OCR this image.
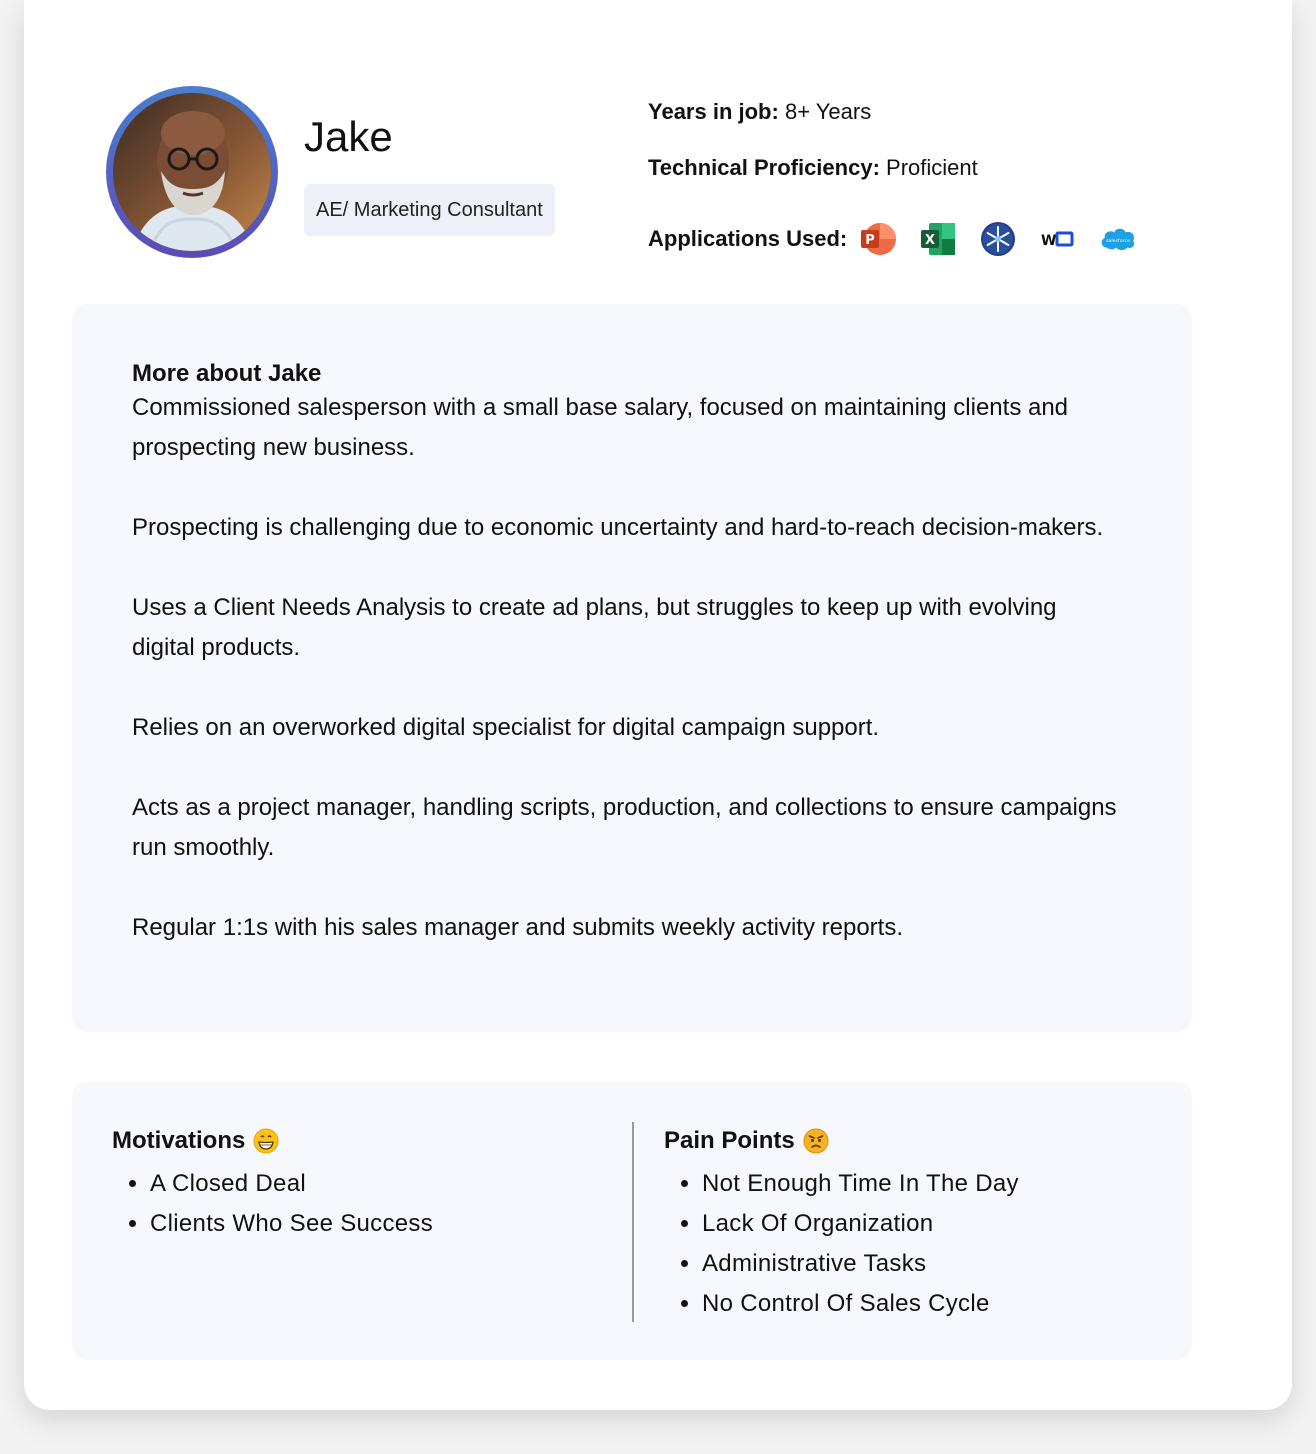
Jake
AE/ Marketing Consultant
Years in job: 8+ Years
Technical Proficiency: Proficient
Applications Used: P	X	W	salesforce
More about Jake

Commissioned salesperson with a small base salary, focused on maintaining clients and prospecting new business.

Prospecting is challenging due to economic uncertainty and hard-to-reach decision-makers.

Uses a Client Needs Analysis to create ad plans, but struggles to keep up with evolving digital products.

Relies on an overworked digital specialist for digital campaign support.

Acts as a project manager, handling scripts, production, and collections to ensure campaigns run smoothly.

Regular 1:1s with his sales manager and submits weekly activity reports.

Motivations
• A Closed Deal
• Clients Who See Success
Pain Points
• Not Enough Time In The Day
• Lack Of Organization
• Administrative Tasks
• No Control Of Sales Cycle
